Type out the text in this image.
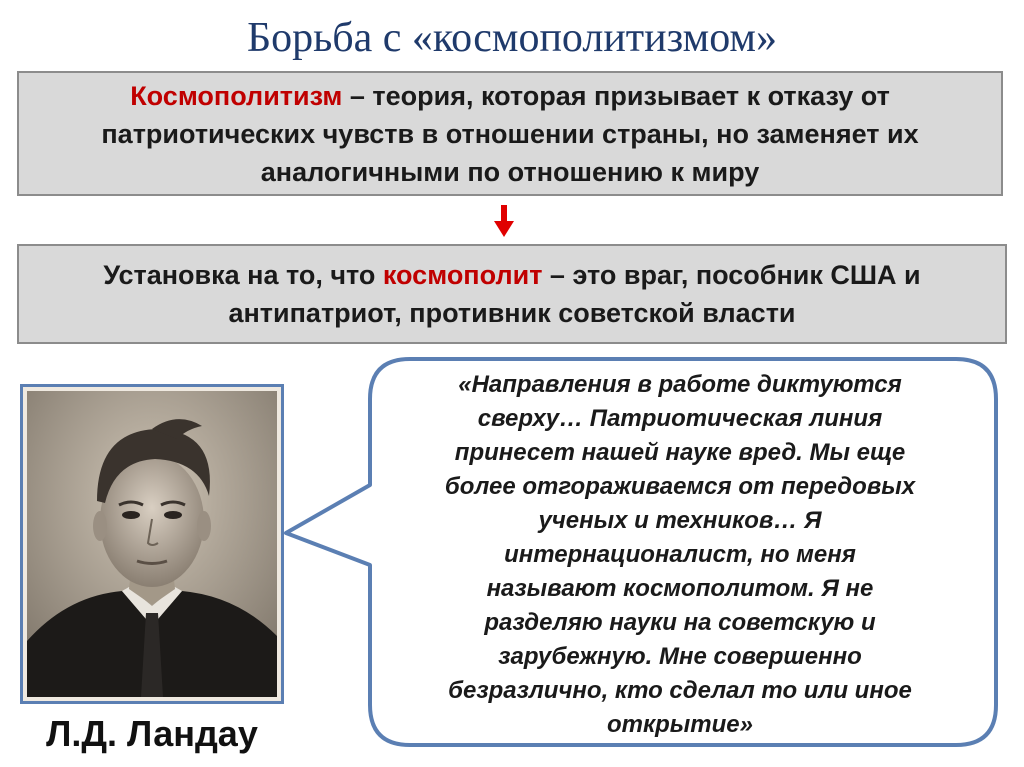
Борьба с «космополитизмом»
Космополитизм – теория, которая призывает к отказу от патриотических чувств в отношении страны, но заменяет их аналогичными по отношению к миру
Установка на то, что космополит – это враг, пособник США и антипатриот, противник советской власти
Л.Д. Ландау
«Направления в работе диктуются
сверху… Патриотическая линия
принесет нашей науке вред. Мы еще
более отгораживаемся от передовых
ученых и техников… Я
интернационалист, но меня
называют космополитом. Я не
разделяю науки на советскую и
зарубежную. Мне совершенно
безразлично, кто сделал то или иное
открытие»
